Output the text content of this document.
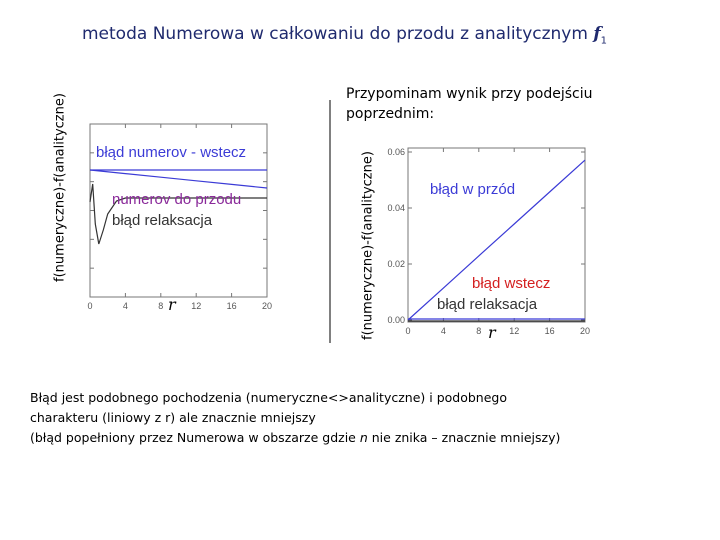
metoda Numerowa w całkowaniu do przodu z analitycznym $f_1$
f(numeryczne)-f(analityczne)	f(numeryczne)-f(analityczne)
Przypominam wynik przy podejściu poprzednim:
0	4	8	12	16	20
błąd numerov - wstecz
numerov do przodu
błąd relaksacja
r
0	4	8	12	16	20
0.00
0.02
0.04
0.06
błąd w przód
błąd wstecz
błąd relaksacja
r
Błąd jest podobnego pochodzenia (numeryczne<>analityczne) i podobnego
charakteru (liniowy z r) ale znacznie mniejszy
(błąd popełniony przez Numerowa w obszarze gdzie n nie znika – znacznie mniejszy)
